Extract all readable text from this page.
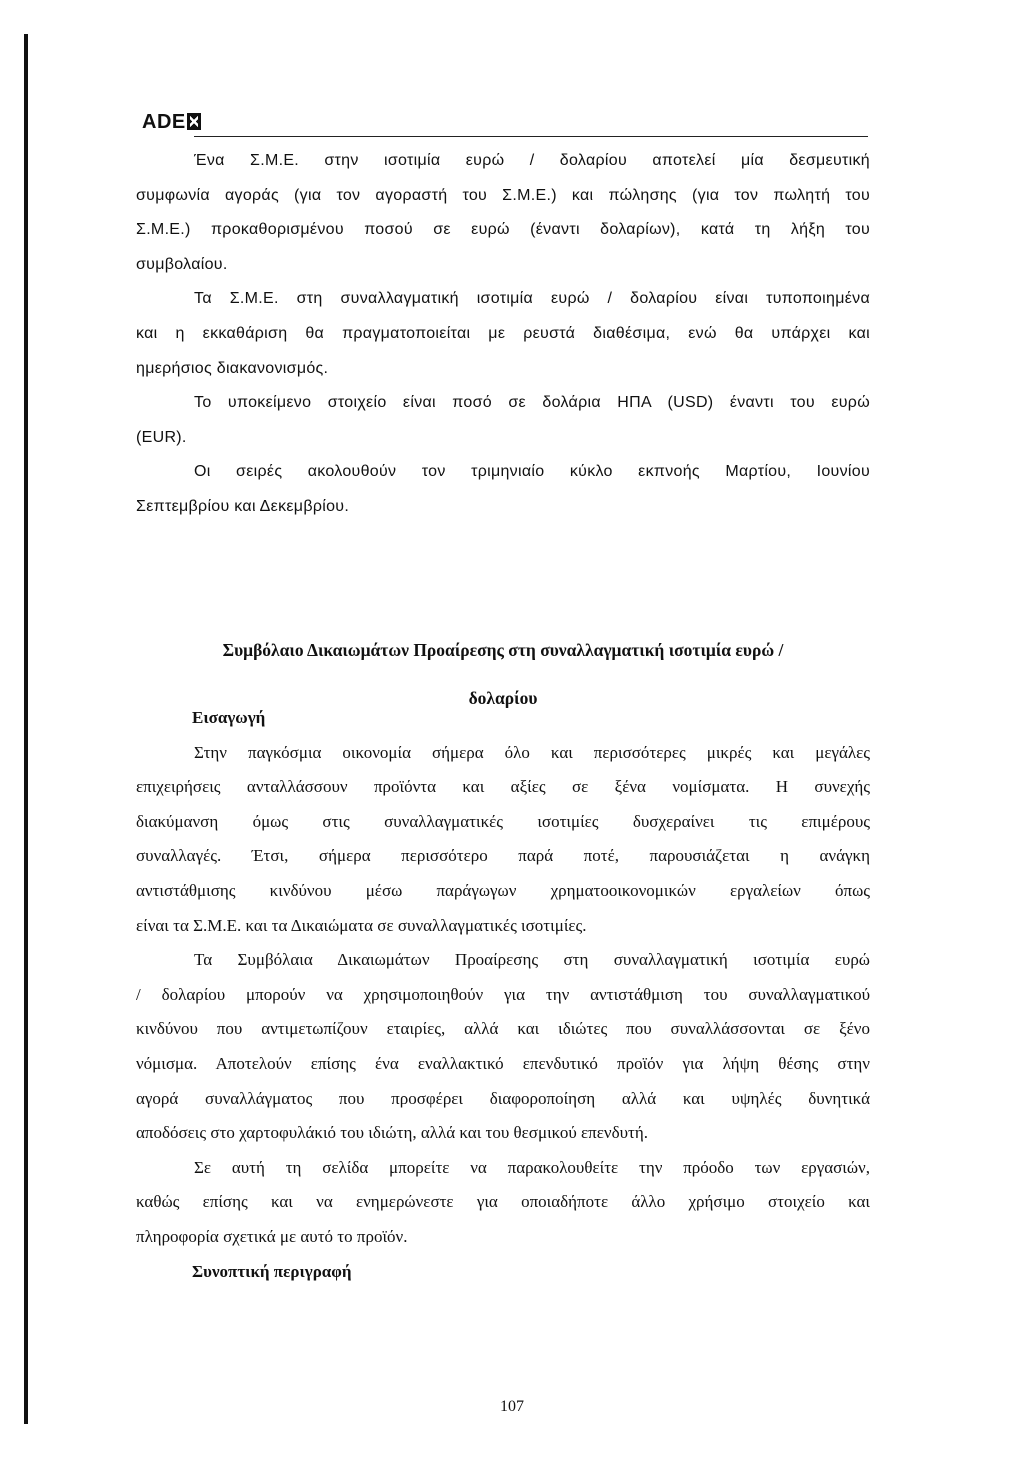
ADE
Ένα Σ.Μ.Ε. στην ισοτιμία ευρώ / δολαρίου αποτελεί μία δεσμευτική
συμφωνία αγοράς (για τον αγοραστή του Σ.Μ.Ε.) και πώλησης (για τον πωλητή του
Σ.Μ.Ε.) προκαθορισμένου ποσού σε ευρώ (έναντι δολαρίων), κατά τη λήξη του
συμβολαίου.
Τα Σ.Μ.Ε. στη συναλλαγματική ισοτιμία ευρώ / δολαρίου είναι τυποποιημένα
και η εκκαθάριση θα πραγματοποιείται με ρευστά διαθέσιμα, ενώ θα υπάρχει και
ημερήσιος διακανονισμός.
Το υποκείμενο στοιχείο είναι ποσό σε δολάρια ΗΠΑ (USD) έναντι του ευρώ
(EUR).
Οι σειρές ακολουθούν τον τριμηνιαίο κύκλο εκπνοής Μαρτίου, Ιουνίου
Σεπτεμβρίου και Δεκεμβρίου.
Συμβόλαιο Δικαιωμάτων Προαίρεσης στη συναλλαγματική ισοτιμία ευρώ /
δολαρίου
Εισαγωγή
Στην παγκόσμια οικονομία σήμερα όλο και περισσότερες μικρές και μεγάλες
επιχειρήσεις ανταλλάσσουν προϊόντα και αξίες σε ξένα νομίσματα. Η συνεχής
διακύμανση όμως στις συναλλαγματικές ισοτιμίες δυσχεραίνει τις επιμέρους
συναλλαγές. Έτσι, σήμερα περισσότερο παρά ποτέ, παρουσιάζεται η ανάγκη
αντιστάθμισης κινδύνου μέσω παράγωγων χρηματοοικονομικών εργαλείων όπως
είναι τα Σ.Μ.Ε. και τα Δικαιώματα σε συναλλαγματικές ισοτιμίες.
Τα Συμβόλαια Δικαιωμάτων Προαίρεσης στη συναλλαγματική ισοτιμία ευρώ
/ δολαρίου μπορούν να χρησιμοποιηθούν για την αντιστάθμιση του συναλλαγματικού
κινδύνου που αντιμετωπίζουν εταιρίες, αλλά και ιδιώτες που συναλλάσσονται σε ξένο
νόμισμα. Αποτελούν επίσης ένα εναλλακτικό επενδυτικό προϊόν για λήψη θέσης στην
αγορά συναλλάγματος που προσφέρει διαφοροποίηση αλλά και υψηλές δυνητικά
αποδόσεις στο χαρτοφυλάκιό του ιδιώτη, αλλά και του θεσμικού επενδυτή.
Σε αυτή τη σελίδα μπορείτε να παρακολουθείτε την πρόοδο των εργασιών,
καθώς επίσης και να ενημερώνεστε για οποιαδήποτε άλλο χρήσιμο στοιχείο και
πληροφορία σχετικά με αυτό το προϊόν.
Συνοπτική περιγραφή
107
